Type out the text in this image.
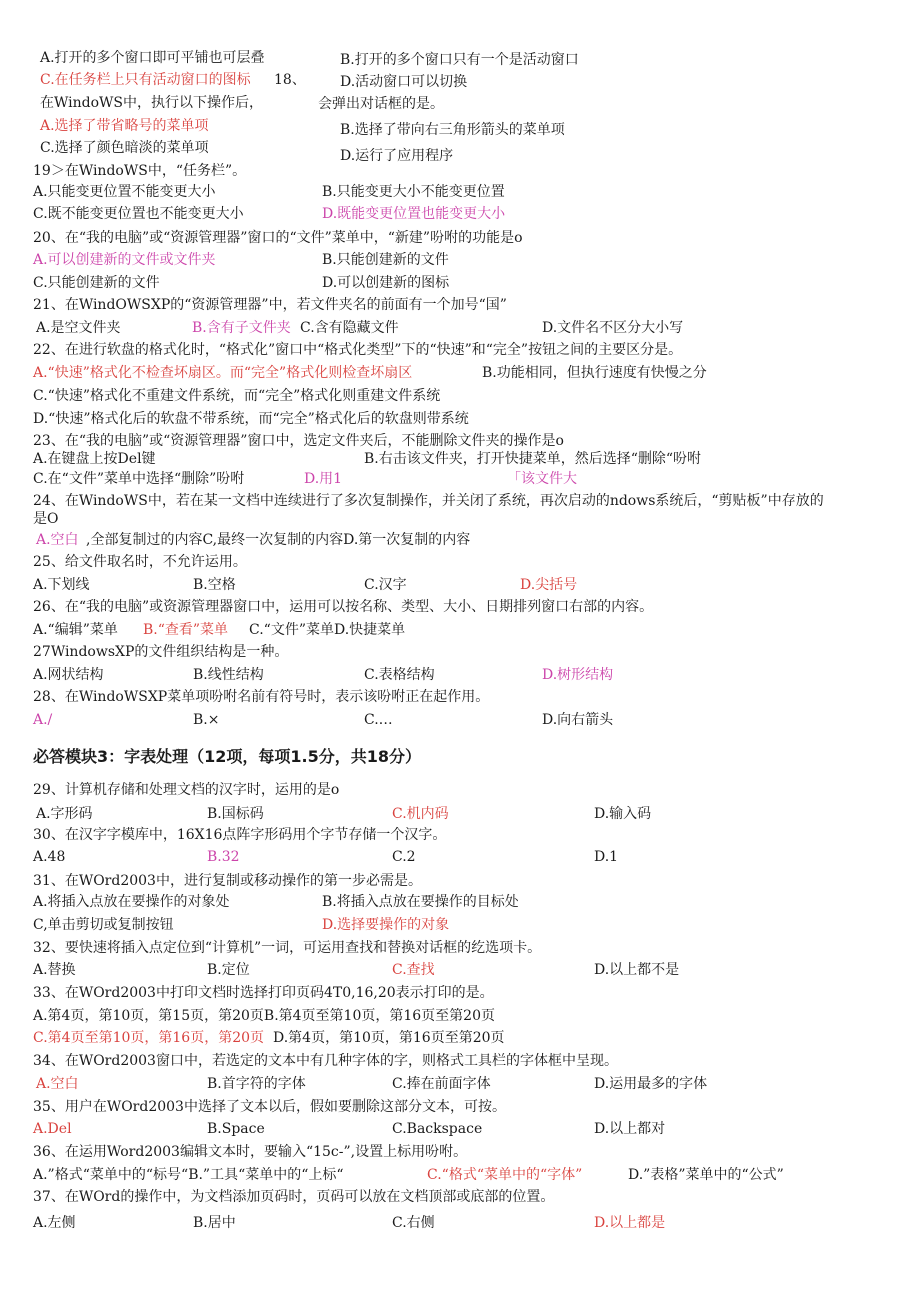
A.打开的多个窗口即可平铺也可层叠	B.打开的多个窗口只有一个是活动窗口
C.在任务栏上只有活动窗口的图标 18、 D.活动窗口可以切换
在WindoWS中，执行以下操作后，	会弹出对话框的是。
A.选择了带省略号的菜单项	B.选择了带向右三角形箭头的菜单项
C.选择了颜色暗淡的菜单项	D.运行了应用程序
19＞在WindoWS中，“任务栏”。
A.只能变更位置不能变更大小	B.只能变更大小不能变更位置
C.既不能变更位置也不能变更大小	D.既能变更位置也能变更大小
20、在“我的电脑”或“资源管理器”窗口的“文件”菜单中，“新建”吩咐的功能是o
A.可以创建新的文件或文件夹	B.只能创建新的文件
C.只能创建新的文件	D.可以创建新的图标
21、在WindOWSXP的“资源管理器”中，若文件夹名的前面有一个加号“国”
A.是空文件夹	B.含有子文件夹 C.含有隐藏文件	D.文件名不区分大小写
22、在进行软盘的格式化时，“格式化”窗口中“格式化类型”下的“快速”和“完全”按钮之间的主要区分是。
A.“快速”格式化不检查坏扇区。而“完全”格式化则检查坏扇区	B.功能相同，但执行速度有快慢之分
C.“快速”格式化不重建文件系统，而“完全”格式化则重建文件系统
D.“快速”格式化后的软盘不带系统，而“完全”格式化后的软盘则带系统
23、在“我的电脑”或“资源管理器”窗口中，选定文件夹后，不能删除文件夹的操作是o
A.在键盘上按Del键	B.右击该文件夹，打开快捷菜单，然后选择“删除“吩咐
C.在“文件”菜单中选择“删除”吩咐	D.用1	「该文件大
24、在WindoWS中，若在某一文档中连续进行了多次复制操作，并关闭了系统，再次启动的ndows系统后，“剪贴板”中存放的
是O
A.空白 ,全部复制过的内容C,最终一次复制的内容D.第一次复制的内容
25、给文件取名时，不允许运用。
A.下划线	B.空格	C.汉字	D.尖括号
26、在“我的电脑”或资源管理器窗口中，运用可以按名称、类型、大小、日期排列窗口右部的内容。
A.“编辑”菜单 B.“查看”菜单 C.“文件”菜单D.快捷菜单
27WindowsXP的文件组织结构是一种。
A.网状结构	B.线性结构	C.表格结构	D.树形结构
28、在WindoWSXP菜单项吩咐名前有符号时，表示该吩咐正在起作用。
A./	B.×	C.…	D.向右箭头
必答模块3：字表处理（12项，每项1.5分，共18分）
29、计算机存储和处理文档的汉字时，运用的是o
A.字形码	B.国标码	C.机内码	D.输入码
30、在汉字字模库中，16X16点阵字形码用个字节存储一个汉字。
A.48	B.32	C.2	D.1
31、在WOrd2003中，进行复制或移动操作的第一步必需是。
A.将插入点放在要操作的对象处	B.将插入点放在要操作的目标处
C,单击剪切或复制按钮	D.选择要操作的对象
32、要快速将插入点定位到“计算机”一词，可运用查找和替换对话框的纥选项卡。
A.替换	B.定位	C.查找	D.以上都不是
33、在WOrd2003中打印文档时选择打印页码4T0,16,20表示打印的是。
A.第4页，第10页，第15页，第20页B.第4页至第10页，第16页至第20页
C.第4页至第10页，第16页，第20页 D.第4页，第10页，第16页至第20页
34、在WOrd2003窗口中，若选定的文本中有几种字体的字，则格式工具栏的字体框中呈现。
A.空白	B.首字符的字体	C.捧在前面字体	D.运用最多的字体
35、用户在WOrd2003中选择了文本以后，假如要删除这部分文本，可按。
A.Del	B.Space	C.Backspace	D.以上都对
36、在运用Word2003编辑文本时，要输入“15c-”,设置上标用吩咐。
A.”格式“菜单中的“标号“B.”工具“菜单中的“上标“	C.“格式“菜单中的“字体”	D.”表格”菜单中的“公式”
37、在WOrd的操作中，为文档添加页码时，页码可以放在文档顶部或底部的位置。
A.左侧	B.居中	C.右侧	D.以上都是
